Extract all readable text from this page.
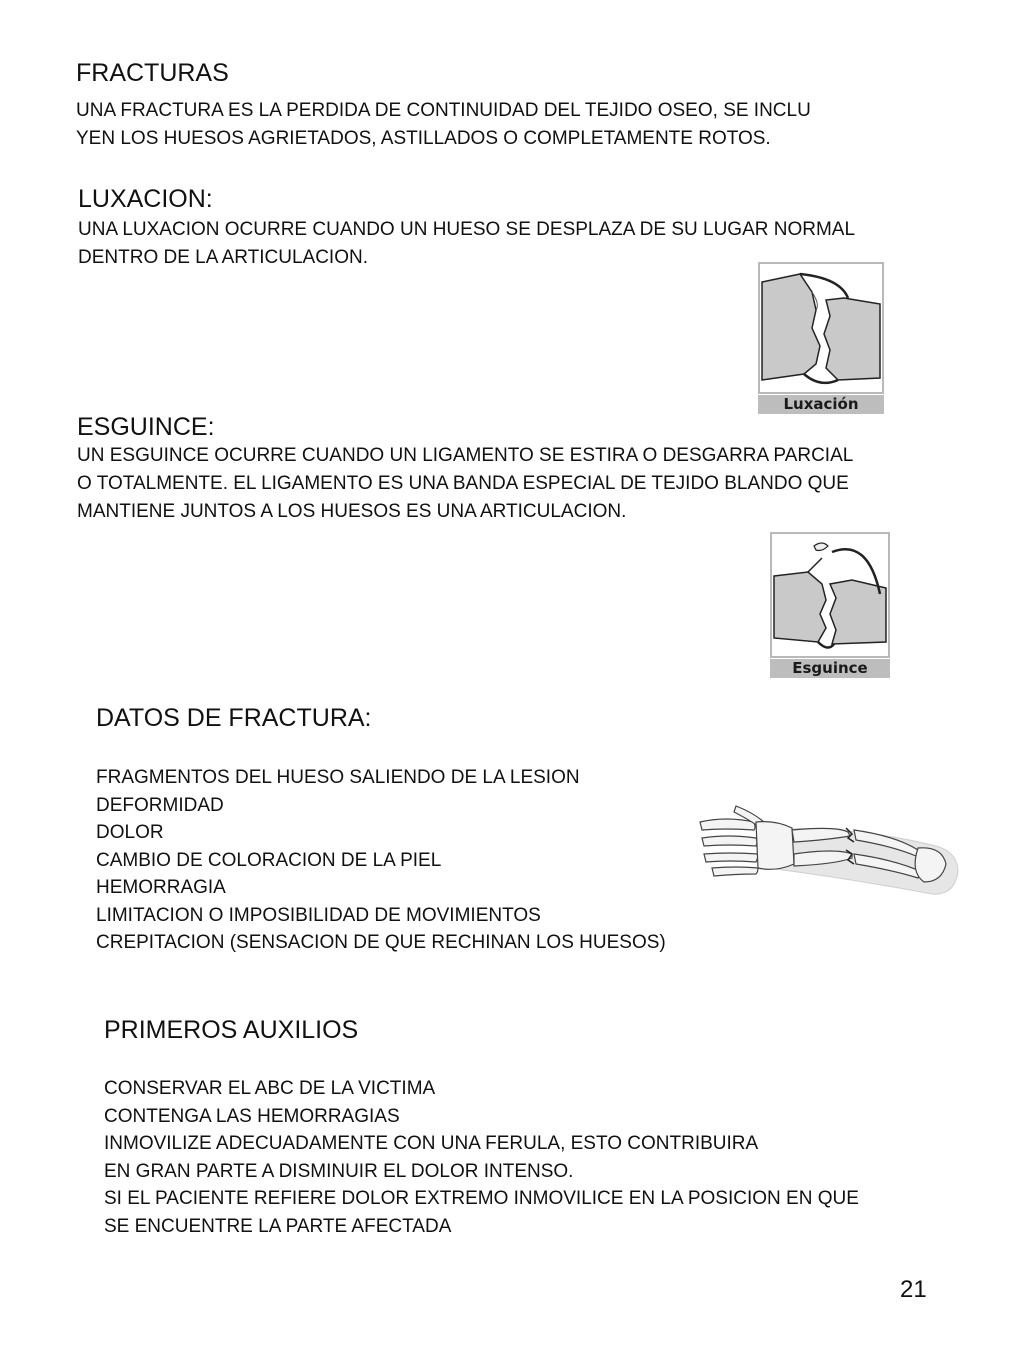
FRACTURAS
UNA FRACTURA ES LA PERDIDA DE CONTINUIDAD DEL TEJIDO OSEO, SE INCLU
YEN LOS HUESOS AGRIETADOS, ASTILLADOS O COMPLETAMENTE ROTOS.
LUXACION:
UNA LUXACION OCURRE CUANDO UN HUESO SE DESPLAZA DE SU LUGAR NORMAL
DENTRO DE LA ARTICULACION.
Luxación
ESGUINCE:
UN ESGUINCE OCURRE CUANDO UN LIGAMENTO SE ESTIRA O DESGARRA PARCIAL
O TOTALMENTE. EL LIGAMENTO ES UNA BANDA ESPECIAL DE TEJIDO BLANDO QUE
MANTIENE JUNTOS A LOS HUESOS ES UNA ARTICULACION.
Esguince
DATOS DE FRACTURA:
FRAGMENTOS DEL HUESO SALIENDO DE LA LESION
DEFORMIDAD
DOLOR
CAMBIO DE COLORACION DE LA PIEL
HEMORRAGIA
LIMITACION O IMPOSIBILIDAD DE MOVIMIENTOS
CREPITACION (SENSACION DE QUE RECHINAN LOS HUESOS)
PRIMEROS AUXILIOS
CONSERVAR EL ABC DE LA VICTIMA
CONTENGA LAS HEMORRAGIAS
INMOVILIZE ADECUADAMENTE CON UNA FERULA, ESTO CONTRIBUIRA
EN GRAN PARTE A DISMINUIR EL DOLOR INTENSO.
SI EL PACIENTE REFIERE DOLOR EXTREMO INMOVILICE EN LA POSICION EN QUE
SE ENCUENTRE LA PARTE AFECTADA
21
